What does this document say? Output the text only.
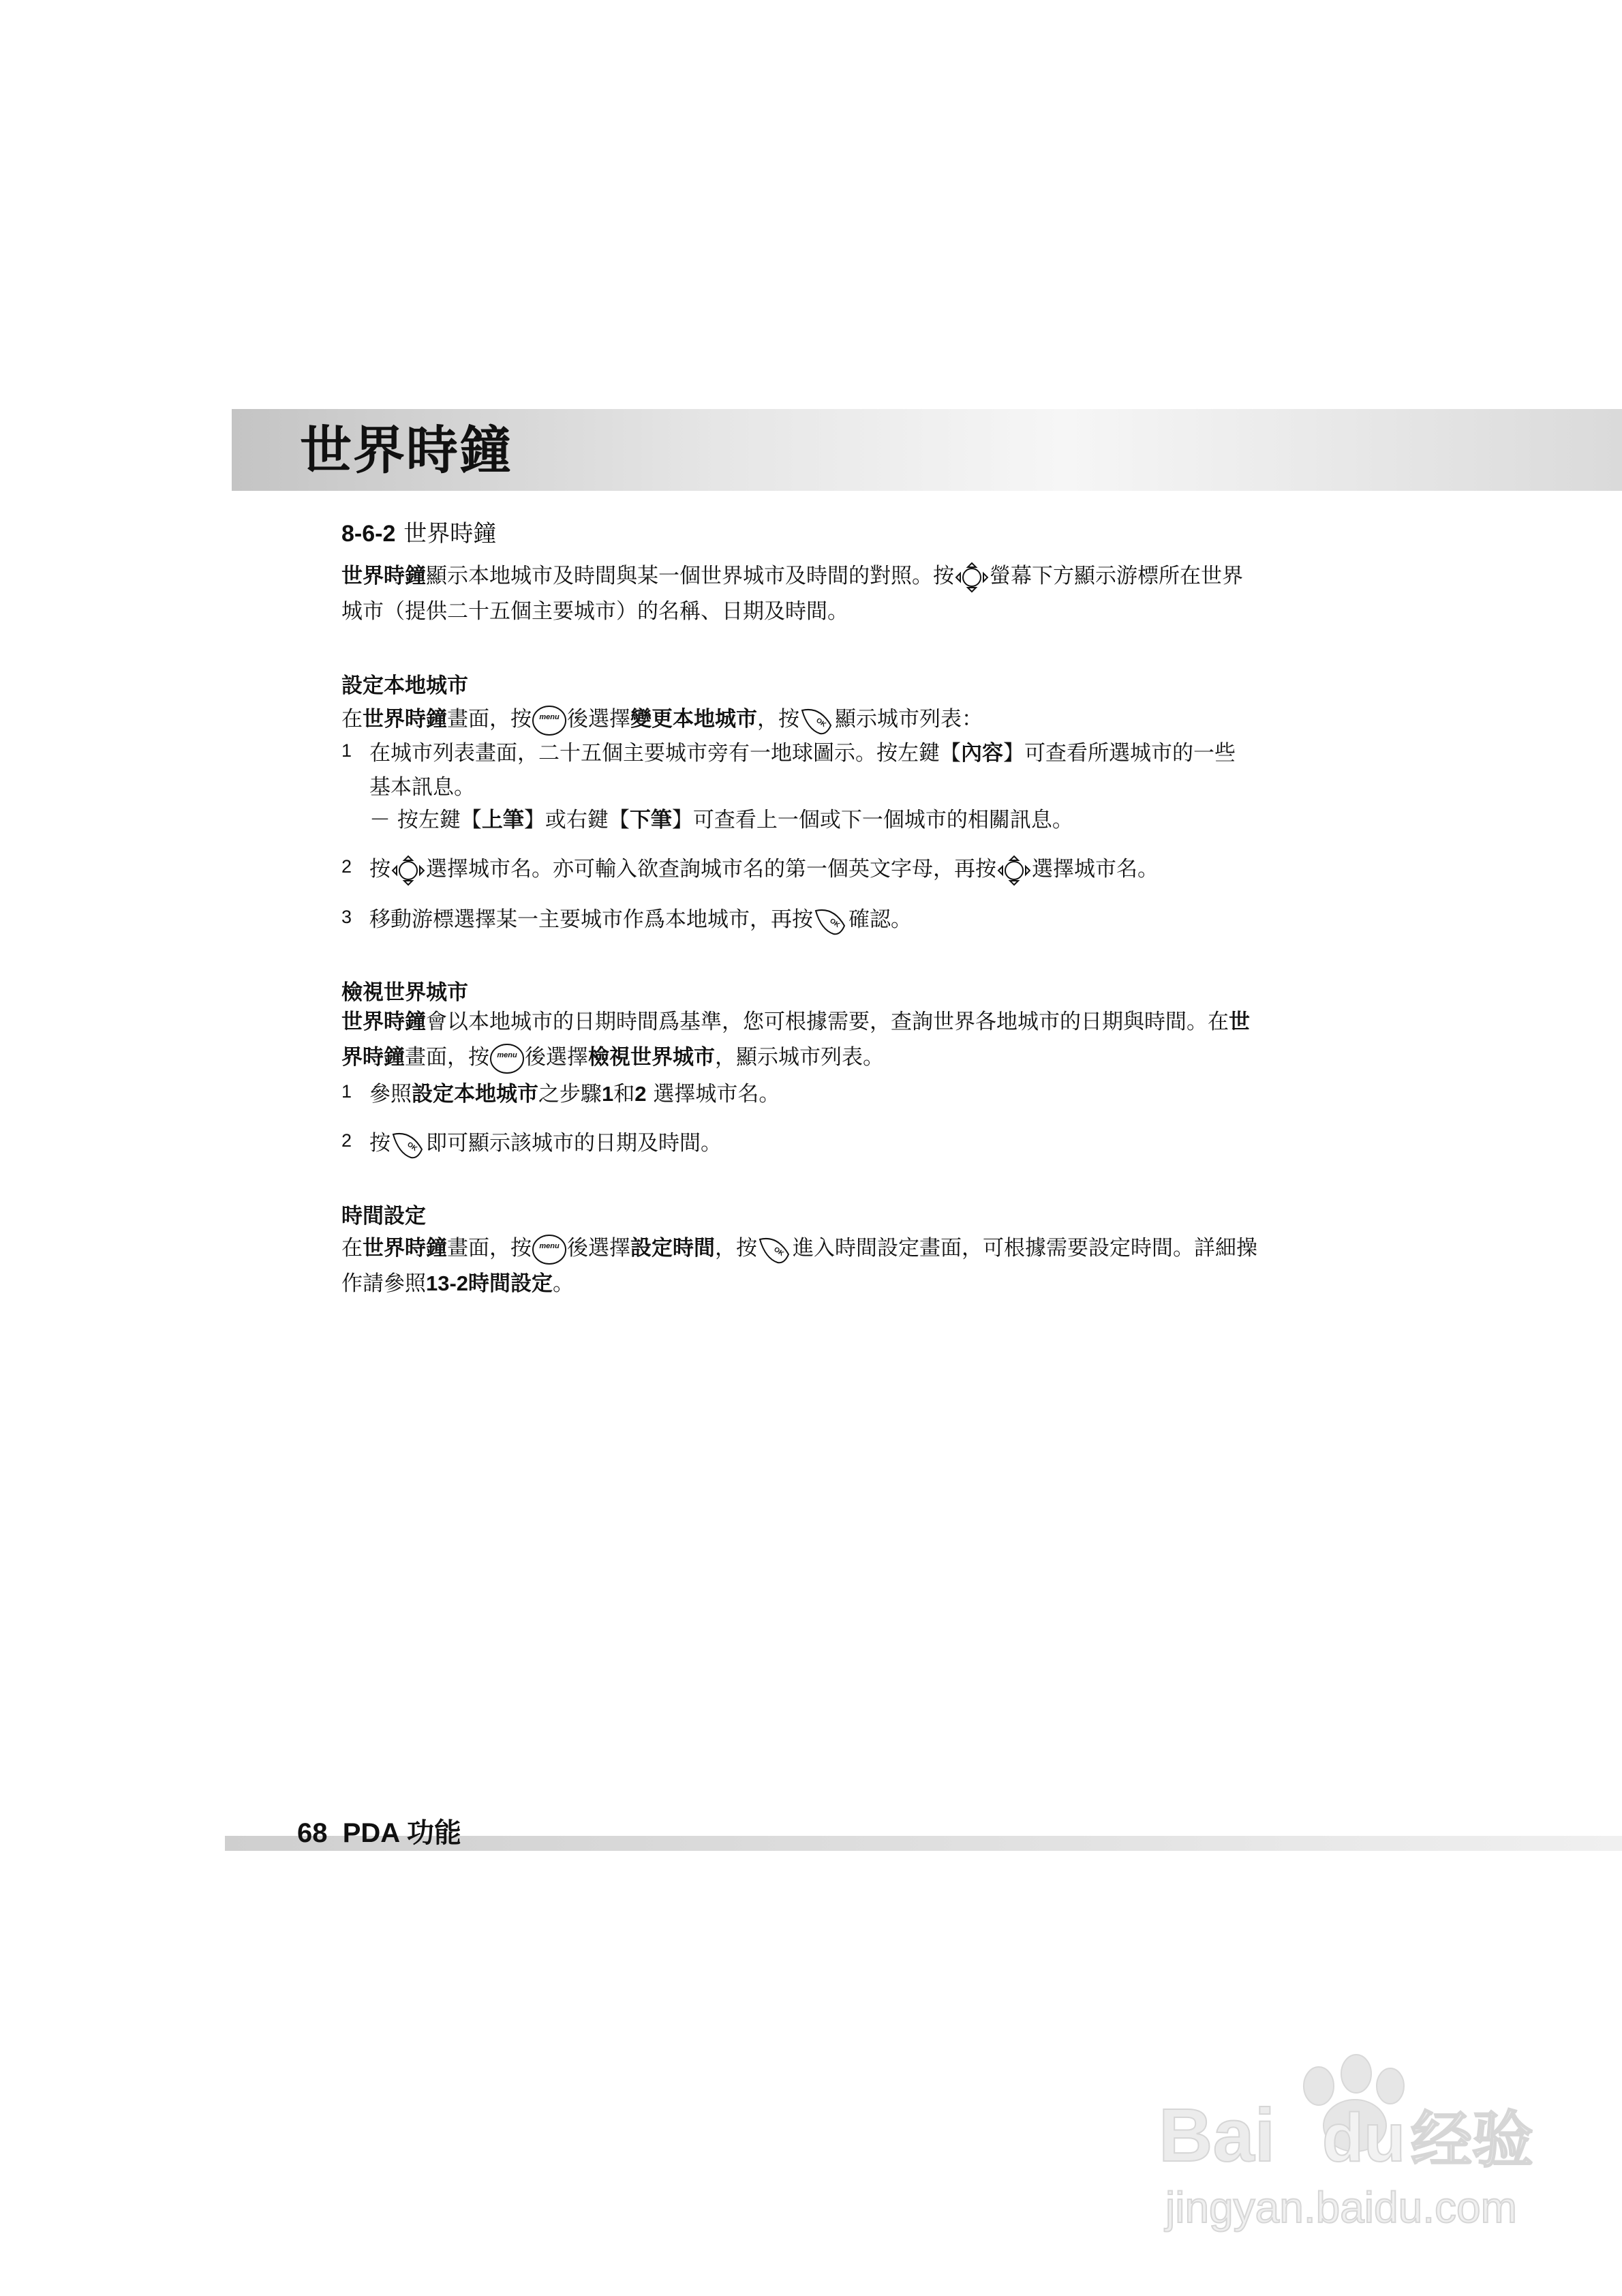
世界時鐘
8-6-2 世界時鐘
世界時鐘顯示本地城市及時間與某一個世界城市及時間的對照。按 螢幕下方顯示游標所在世界
城市（提供二十五個主要城市）的名稱、日期及時間。
設定本地城市
在世界時鐘畫面，按 menu 後選擇變更本地城市，按 OK 顯示城市列表：
1 在城市列表畫面，二十五個主要城市旁有一地球圖示。按左鍵【內容】可查看所選城市的一些
基本訊息。
－ 按左鍵【上筆】或右鍵【下筆】可查看上一個或下一個城市的相關訊息。
2 按 選擇城市名。亦可輸入欲查詢城市名的第一個英文字母，再按 選擇城市名。
3 移動游標選擇某一主要城市作爲本地城市，再按 OK 確認。
檢視世界城市
世界時鐘會以本地城市的日期時間爲基準，您可根據需要，查詢世界各地城市的日期與時間。在世
界時鐘畫面，按 menu 後選擇檢視世界城市，顯示城市列表。
1 參照設定本地城市之步驟1和2 選擇城市名。
2 按 OK 即可顯示該城市的日期及時間。
時間設定
在世界時鐘畫面，按 menu 後選擇設定時間，按 OK 進入時間設定畫面，可根據需要設定時間。詳細操
作請參照13-2時間設定。
68 PDA 功能
Bai du 经验
jingyan.baidu.com
